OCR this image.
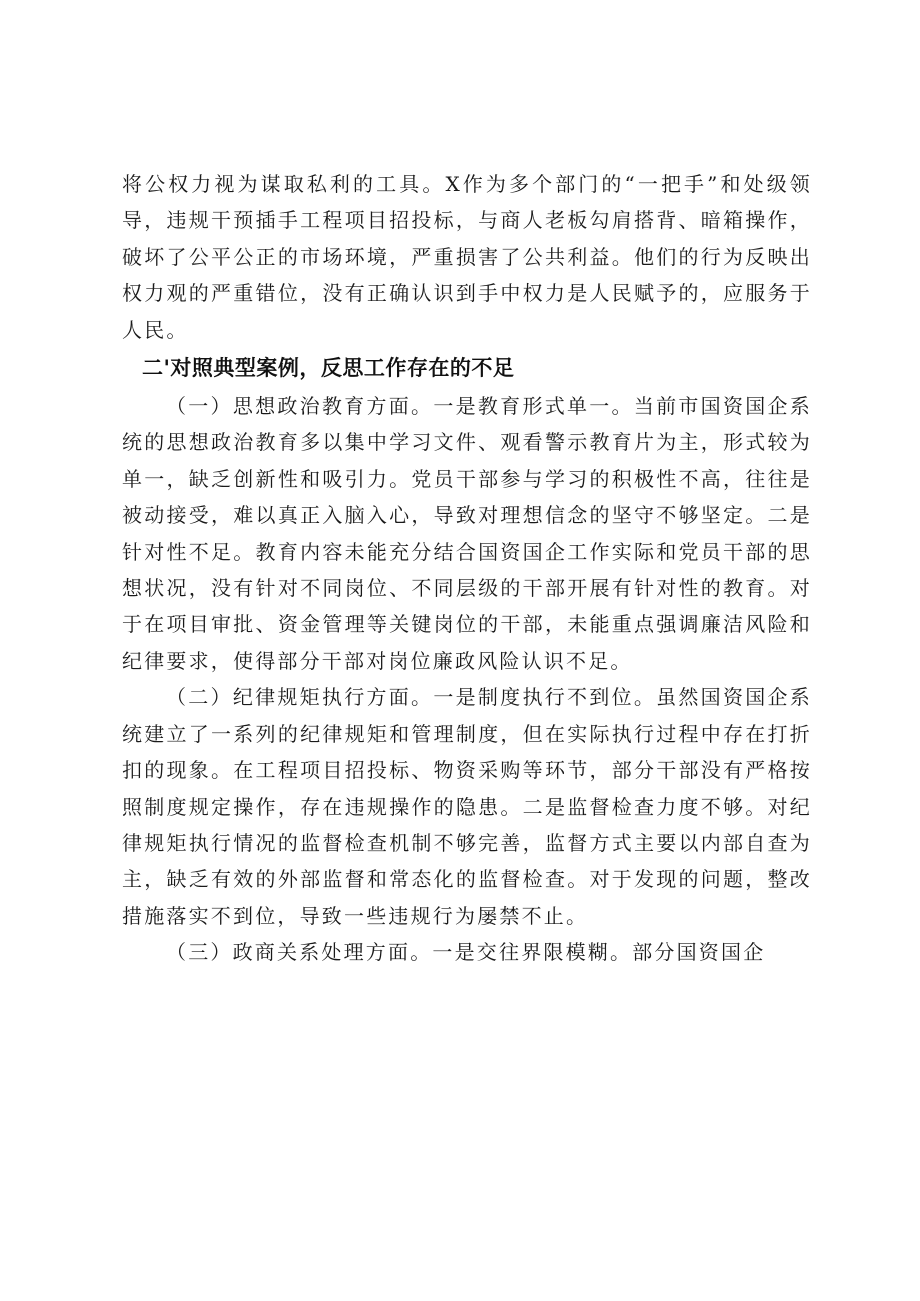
将公权力视为谋取私利的工具。X作为多个部门的“一把手”和处级领导，违规干预插手工程项目招投标，与商人老板勾肩搭背、暗箱操作，破坏了公平公正的市场环境，严重损害了公共利益。他们的行为反映出权力观的严重错位，没有正确认识到手中权力是人民赋予的，应服务于人民。

二'对照典型案例，反思工作存在的不足

（一）思想政治教育方面。一是教育形式单一。当前市国资国企系统的思想政治教育多以集中学习文件、观看警示教育片为主，形式较为单一，缺乏创新性和吸引力。党员干部参与学习的积极性不高，往往是被动接受，难以真正入脑入心，导致对理想信念的坚守不够坚定。二是针对性不足。教育内容未能充分结合国资国企工作实际和党员干部的思想状况，没有针对不同岗位、不同层级的干部开展有针对性的教育。对于在项目审批、资金管理等关键岗位的干部，未能重点强调廉洁风险和纪律要求，使得部分干部对岗位廉政风险认识不足。

（二）纪律规矩执行方面。一是制度执行不到位。虽然国资国企系统建立了一系列的纪律规矩和管理制度，但在实际执行过程中存在打折扣的现象。在工程项目招投标、物资采购等环节，部分干部没有严格按照制度规定操作，存在违规操作的隐患。二是监督检查力度不够。对纪律规矩执行情况的监督检查机制不够完善，监督方式主要以内部自查为主，缺乏有效的外部监督和常态化的监督检查。对于发现的问题，整改措施落实不到位，导致一些违规行为屡禁不止。

（三）政商关系处理方面。一是交往界限模糊。部分国资国企
